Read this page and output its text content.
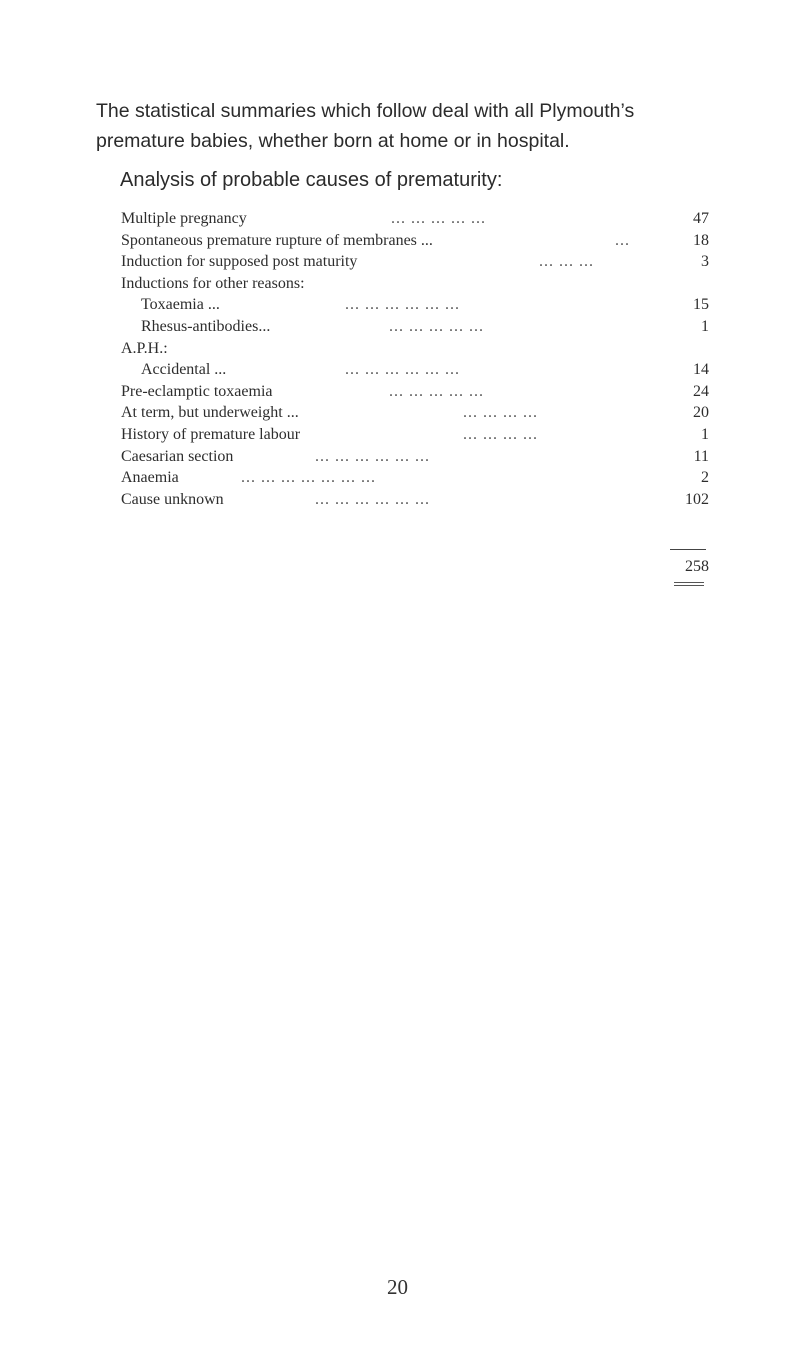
The statistical summaries which follow deal with all Plymouth’s

premature babies, whether born at home or in hospital.

Analysis of probable causes of prematurity:
Multiple pregnancy	... ... ... ... ...	47
Spontaneous premature rupture of membranes ...	...	18
Induction for supposed post maturity	... ... ...	3
Inductions for other reasons:
Toxaemia ...	... ... ... ... ... ...	15
Rhesus-antibodies...	... ... ... ... ...	1
A.P.H.:
Accidental ...	... ... ... ... ... ...	14
Pre-eclamptic toxaemia	... ... ... ... ...	24
At term, but underweight ...	... ... ... ...	20
History of premature labour	... ... ... ...	1
Caesarian section	... ... ... ... ... ...	11
Anaemia	... ... ... ... ... ... ...	2
Cause unknown	... ... ... ... ... ...	102
258
20
